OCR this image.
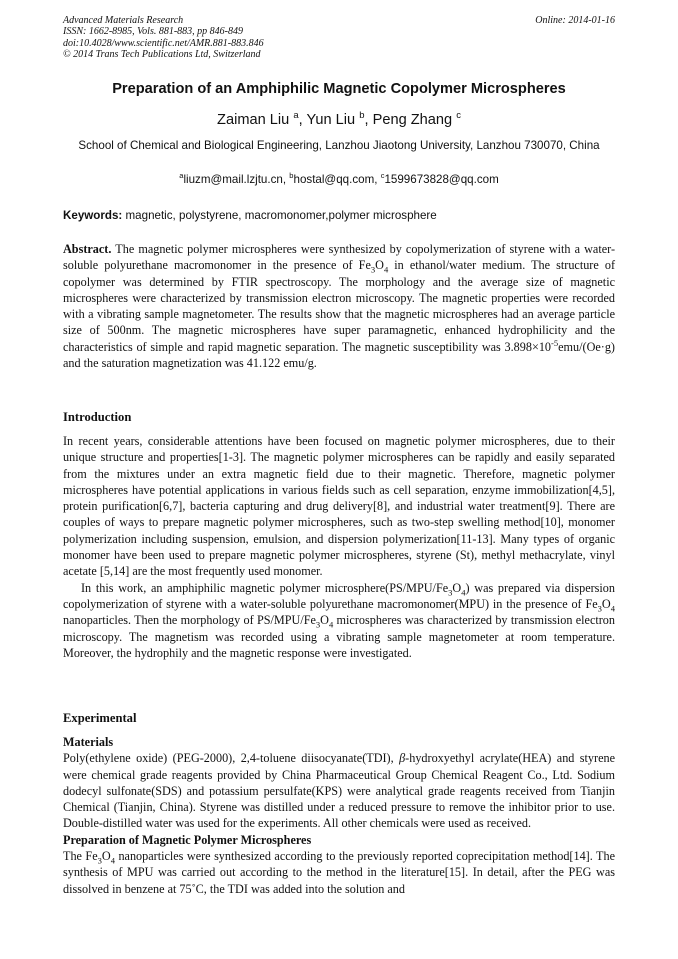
Advanced Materials Research
ISSN: 1662-8985, Vols. 881-883, pp 846-849
doi:10.4028/www.scientific.net/AMR.881-883.846
© 2014 Trans Tech Publications Ltd, Switzerland
Online: 2014-01-16
Preparation of an Amphiphilic Magnetic Copolymer Microspheres
Zaiman Liu $^a$, Yun Liu $^b$, Peng Zhang $^c$
School of Chemical and Biological Engineering, Lanzhou Jiaotong University, Lanzhou 730070, China
$^a$liuzm@mail.lzjtu.cn, $^b$hostal@qq.com, $^c$1599673828@qq.com
Keywords: magnetic, polystyrene, macromonomer,polymer microsphere

Abstract. The magnetic polymer microspheres were synthesized by copolymerization of styrene with a water-soluble polyurethane macromonomer in the presence of $Fe_3O_4$ in ethanol/water medium. The structure of copolymer was determined by FTIR spectroscopy. The morphology and the average size of magnetic microspheres were characterized by transmission electron microscopy. The magnetic properties were recorded with a vibrating sample magnetometer. The results show that the magnetic microspheres had an average particle size of 500nm. The magnetic microspheres have super paramagnetic, enhanced hydrophilicity and the characteristics of simple and rapid magnetic separation. The magnetic susceptibility was $3.898\times 10^{-5}emu/(Oe\cdot g)$ and the saturation magnetization was 41.122 emu/g.

Introduction

In recent years, considerable attentions have been focused on magnetic polymer microspheres, due to their unique structure and properties[1-3]. The magnetic polymer microspheres can be rapidly and easily separated from the mixtures under an extra magnetic field due to their magnetic. Therefore, magnetic polymer microspheres have potential applications in various fields such as cell separation, enzyme immobilization[4,5], protein purification[6,7], bacteria capturing and drug delivery[8], and industrial water treatment[9]. There are couples of ways to prepare magnetic polymer microspheres, such as two-step swelling method[10], monomer polymerization including suspension, emulsion, and dispersion polymerization[11-13]. Many types of organic monomer have been used to prepare magnetic polymer microspheres, styrene (St), methyl methacrylate, vinyl acetate [5,14] are the most frequently used monomer.

In this work, an amphiphilic magnetic polymer $microsphere(PS/MPU/Fe_3O_4)$ was prepared via dispersion copolymerization of styrene with a water-soluble polyurethane macromonomer(MPU) in the presence of $Fe_3O_4$ nanoparticles. Then the morphology of $PS/MPU/Fe_3O_4$ microspheres was characterized by transmission electron microscopy. The magnetism was recorded using a vibrating sample magnetometer at room temperature. Moreover, the hydrophily and the magnetic response were investigated.

Experimental

Materials

Poly(ethylene oxide) (PEG-2000), 2,4-toluene diisocyanate(TDI), β-hydroxyethyl acrylate(HEA) and styrene were chemical grade reagents provided by China Pharmaceutical Group Chemical Reagent Co., Ltd. Sodium dodecyl sulfonate(SDS) and potassium persulfate(KPS) were analytical grade reagents received from Tianjin Chemical (Tianjin, China). Styrene was distilled under a reduced pressure to remove the inhibitor prior to use. Double-distilled water was used for the experiments. All other chemicals were used as received.

Preparation of Magnetic Polymer Microspheres

The $Fe_3O_4$ nanoparticles were synthesized according to the previously reported coprecipitation method[14]. The synthesis of MPU was carried out according to the method in the literature[15]. In detail, after the PEG was dissolved in benzene at 75˚C, the TDI was added into the solution and
